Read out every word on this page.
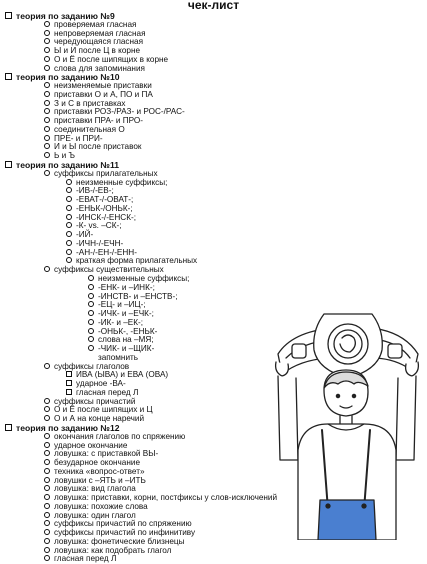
чек-лист
теория по заданию №9
проверяемая гласная
непроверяемая гласная
чередующаяся гласная
Ы и И после Ц в корне
О и Ё после шипящих в корне
слова для запоминания
теория по заданию №10
неизменяемые приставки
приставки О и А, ПО и ПА
З и С в приставках
приставки РОЗ-/РАЗ- и РОС-/РАС-
приставки ПРА- и ПРО-
соединительная О
ПРЕ- и ПРИ-
И и Ы после приставок
Ь и Ъ
теория по заданию №11
суффиксы прилагательных
неизменные суффиксы;
-ИВ-/-ЕВ-;
-ЕВАТ-/-ОВАТ-;
-ЕНЬК-/ОНЬК-;
-ИНСК-/-ЕНСК-;
-К- vs. –СК-;
-ИЙ-
-ИЧН-/-ЕЧН-
-АН-/-ЕН-/-ЕНН-
краткая форма прилагательных
суффиксы существительных
неизменные суффиксы;
-ЕНК- и –ИНК-;
-ИНСТВ- и –ЕНСТВ-;
-ЕЦ- и –ИЦ-;
-ИЧК- и –ЕЧК-;
-ИК- и –ЕК-;
-ОНЬК-, -ЕНЬК-
слова на –МЯ;
-ЧИК- и –ЩИК-
запомнить
суффиксы глаголов
ИВА (ЫВА) и ЕВА (ОВА)
ударное -ВА-
гласная перед Л
суффиксы причастий
О и Ё после шипящих и Ц
О и А на конце наречий
теория по заданию №12
окончания глаголов по спряжению
ударное окончание
ловушка: с приставкой ВЫ-
безударное окончание
техника «вопрос-ответ»
ловушки с –ЯТЬ и –ИТЬ
ловушка: вид глагола
ловушка: приставки, корни, постфиксы у слов-исключений
ловушка: похожие слова
ловушка: один глагол
суффиксы причастий по спряжению
суффиксы причастий по инфинитиву
ловушка: фонетические близнецы
ловушка: как подобрать глагол
гласная перед Л
